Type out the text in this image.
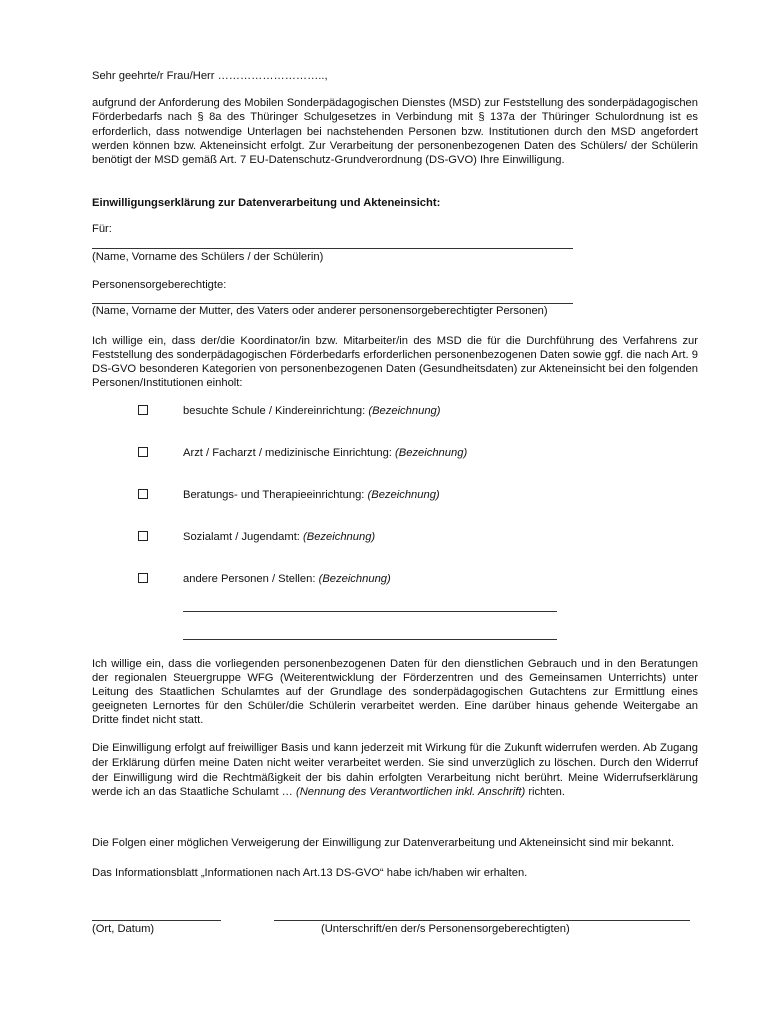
Sehr geehrte/r Frau/Herr ………………………..,
aufgrund der Anforderung des Mobilen Sonderpädagogischen Dienstes (MSD) zur Feststellung des sonderpädagogischen Förderbedarfs nach § 8a des Thüringer Schulgesetzes in Verbindung mit § 137a der Thüringer Schulordnung ist es erforderlich, dass notwendige Unterlagen bei nachstehenden Personen bzw. Institutionen durch den MSD angefordert werden können bzw. Akteneinsicht erfolgt. Zur Verarbeitung der personenbezogenen Daten des Schülers/ der Schülerin benötigt der MSD gemäß Art. 7 EU-Datenschutz-Grundverordnung (DS-GVO) Ihre Einwilligung.
Einwilligungserklärung zur Datenverarbeitung und Akteneinsicht:
Für:
(Name, Vorname des Schülers / der Schülerin)
Personensorgeberechtigte:
(Name, Vorname der Mutter, des Vaters oder anderer personensorgeberechtigter Personen)
Ich willige ein, dass der/die Koordinator/in bzw. Mitarbeiter/in des MSD die für die Durchführung des Verfahrens zur Feststellung des sonderpädagogischen Förderbedarfs erforderlichen personenbezogenen Daten sowie ggf. die nach Art. 9 DS-GVO besonderen Kategorien von personenbezogenen Daten (Gesundheitsdaten) zur Akteneinsicht bei den folgenden Personen/Institutionen einholt:
besuchte Schule / Kindereinrichtung: (Bezeichnung)
Arzt / Facharzt / medizinische Einrichtung: (Bezeichnung)
Beratungs- und Therapieeinrichtung: (Bezeichnung)
Sozialamt / Jugendamt: (Bezeichnung)
andere Personen / Stellen: (Bezeichnung)
Ich willige ein, dass die vorliegenden personenbezogenen Daten für den dienstlichen Gebrauch und in den Beratungen der regionalen Steuergruppe WFG (Weiterentwicklung der Förderzentren und des Gemeinsamen Unterrichts) unter Leitung des Staatlichen Schulamtes auf der Grundlage des sonderpädagogischen Gutachtens zur Ermittlung eines geeigneten Lernortes für den Schüler/die Schülerin verarbeitet werden. Eine darüber hinaus gehende Weitergabe an Dritte findet nicht statt.
Die Einwilligung erfolgt auf freiwilliger Basis und kann jederzeit mit Wirkung für die Zukunft widerrufen werden. Ab Zugang der Erklärung dürfen meine Daten nicht weiter verarbeitet werden. Sie sind unverzüglich zu löschen. Durch den Widerruf der Einwilligung wird die Rechtmäßigkeit der bis dahin erfolgten Verarbeitung nicht berührt. Meine Widerrufserklärung werde ich an das Staatliche Schulamt … (Nennung des Verantwortlichen inkl. Anschrift) richten.
Die Folgen einer möglichen Verweigerung der Einwilligung zur Datenverarbeitung und Akteneinsicht sind mir bekannt.
Das Informationsblatt „Informationen nach Art.13 DS-GVO“ habe ich/haben wir erhalten.
(Ort, Datum)	(Unterschrift/en der/s Personensorgeberechtigten)
